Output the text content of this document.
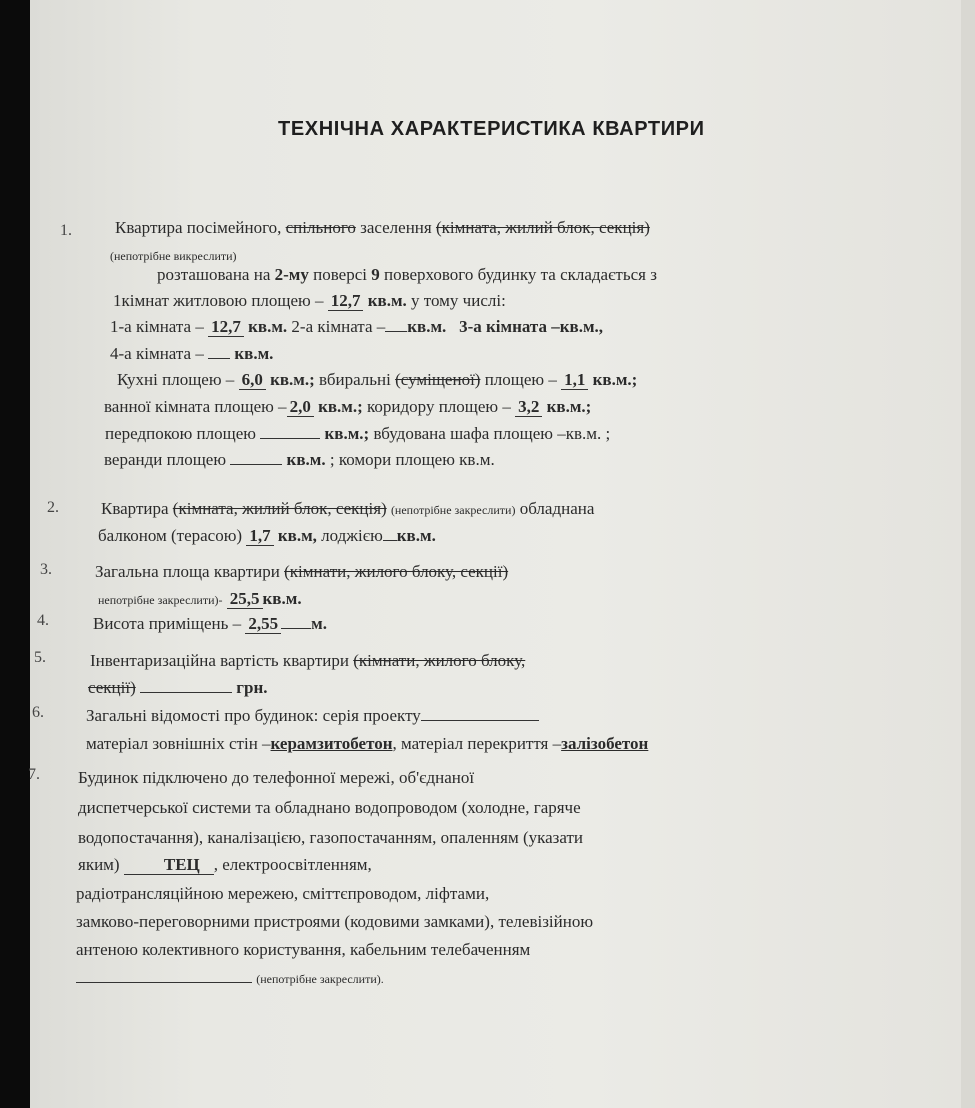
ТЕХНІЧНА ХАРАКТЕРИСТИКА КВАРТИРИ
1.	Квартира посімейного, спільного заселення (кімната, жилий блок, секція)
(непотрібне викреслити)
розташована на 2-му поверсі 9 поверхового будинку та складається з
1кімнат житловою площею – 12,7 кв.м. у тому числі:
1-а кімната – 12,7 кв.м. 2-а кімната – кв.м. 3-а кімната –кв.м.,
4-а кімната – кв.м.
Кухні площею – 6,0 кв.м.; вбиральні (суміщеної) площею – 1,1 кв.м.;
ванної кімната площею – 2,0 кв.м.; коридору площею – 3,2 кв.м.;
передпокою площею	кв.м.; вбудована шафа площею –кв.м. ;
веранди площею	кв.м. ; комори площею кв.м.
2. Квартира (кімната, жилий блок, секція) (непотрібне закреслити) обладнана
балконом (терасою) 1,7 кв.м, лоджією кв.м.
3.	Загальна площа квартири (кімнати, жилого блоку, секції)
непотрібне закреслити)- 25,5 кв.м.
4.	Висота приміщень – 2,55 м.
5.	Інвентаризаційна вартість квартири (кімнати, жилого блоку,
секції)	грн.
6. Загальні відомості про будинок: серія проекту
матеріал зовнішніх стін –керамзитобетон, матеріал перекриття –залізобетон
7. Будинок підключено до телефонної мережі, об'єднаної
диспетчерської системи та обладнано водопроводом (холодне, гаряче
водопостачання), каналізацією, газопостачанням, опаленням (указати
яким)	ТЕЦ , електроосвітленням,
радіотрансляційною мережею, сміттєпроводом, ліфтами,
замково-переговорними пристроями (кодовими замками), телевізійною
антеною колективного користування, кабельним телебаченням
(непотрібне закреслити).
